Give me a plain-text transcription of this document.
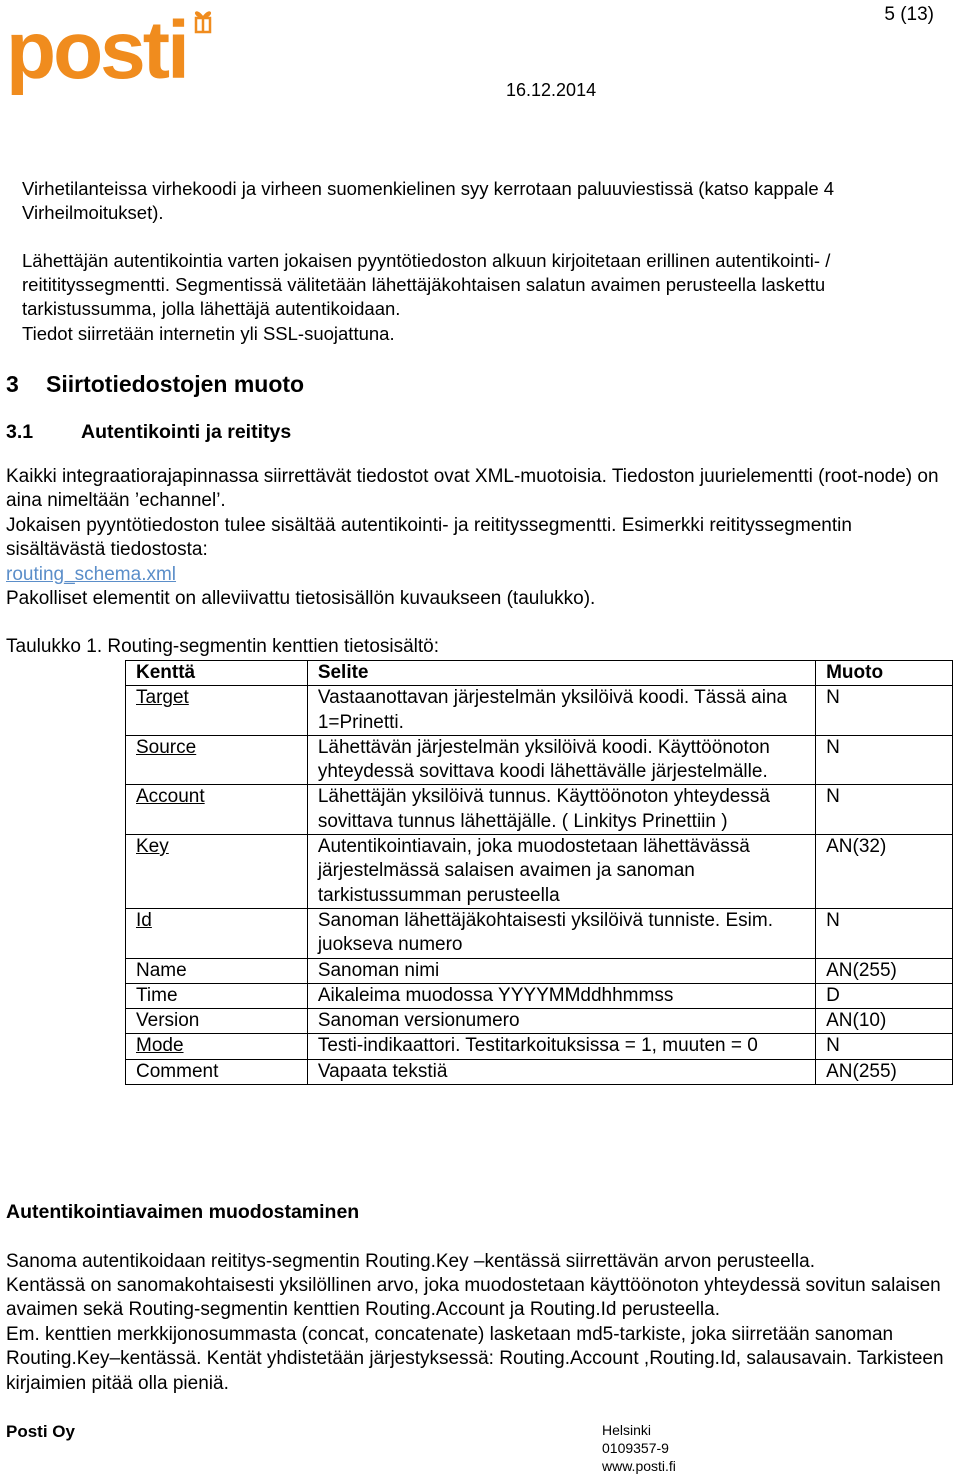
posti	5 (13)
16.12.2014
Virhetilanteissa virhekoodi ja virheen suomenkielinen syy kerrotaan paluuviestissä (katso kappale 4 Virheilmoitukset).
Lähettäjän autentikointia varten jokaisen pyyntötiedoston alkuun kirjoitetaan erillinen autentikointi- / reititityssegmentti. Segmentissä välitetään lähettäjäkohtaisen salatun avaimen perusteella laskettu tarkistussumma, jolla lähettäjä autentikoidaan.
Tiedot siirretään internetin yli SSL-suojattuna.
3 Siirtotiedostojen muoto
3.1 Autentikointi ja reititys
Kaikki integraatiorajapinnassa siirrettävät tiedostot ovat XML-muotoisia. Tiedoston juurielementti (root-node) on aina nimeltään ’echannel’.
Jokaisen pyyntötiedoston tulee sisältää autentikointi- ja reitityssegmentti. Esimerkki reitityssegmentin sisältävästä tiedostosta:
routing_schema.xml
Pakolliset elementit on alleviivattu tietosisällön kuvaukseen (taulukko).
Taulukko 1. Routing-segmentin kenttien tietosisältö:
Kenttä	Selite	Muoto
Target	Vastaanottavan järjestelmän yksilöivä koodi. Tässä aina 1=Prinetti.	N
Source	Lähettävän järjestelmän yksilöivä koodi. Käyttöönoton yhteydessä sovittava koodi lähettävälle järjestelmälle.	N
Account	Lähettäjän yksilöivä tunnus. Käyttöönoton yhteydessä sovittava tunnus lähettäjälle. ( Linkitys Prinettiin )	N
Key	Autentikointiavain, joka muodostetaan lähettävässä järjestelmässä salaisen avaimen ja sanoman tarkistussumman perusteella	AN(32)
Id	Sanoman lähettäjäkohtaisesti yksilöivä tunniste. Esim. juokseva numero	N
Name	Sanoman nimi	AN(255)
Time	Aikaleima muodossa YYYYMMddhhmmss	D
Version	Sanoman versionumero	AN(10)
Mode	Testi-indikaattori. Testitarkoituksissa = 1, muuten = 0	N
Comment	Vapaata tekstiä	AN(255)
Autentikointiavaimen muodostaminen
Sanoma autentikoidaan reititys-segmentin Routing.Key –kentässä siirrettävän arvon perusteella.
Kentässä on sanomakohtaisesti yksilöllinen arvo, joka muodostetaan käyttöönoton yhteydessä sovitun salaisen avaimen sekä Routing-segmentin kenttien Routing.Account ja Routing.Id perusteella.
Em. kenttien merkkijonosummasta (concat, concatenate) lasketaan md5-tarkiste, joka siirretään sanoman Routing.Key–kentässä. Kentät yhdistetään järjestyksessä: Routing.Account ,Routing.Id, salausavain. Tarkisteen kirjaimien pitää olla pieniä.
Posti Oy	Helsinki
0109357-9
www.posti.fi
